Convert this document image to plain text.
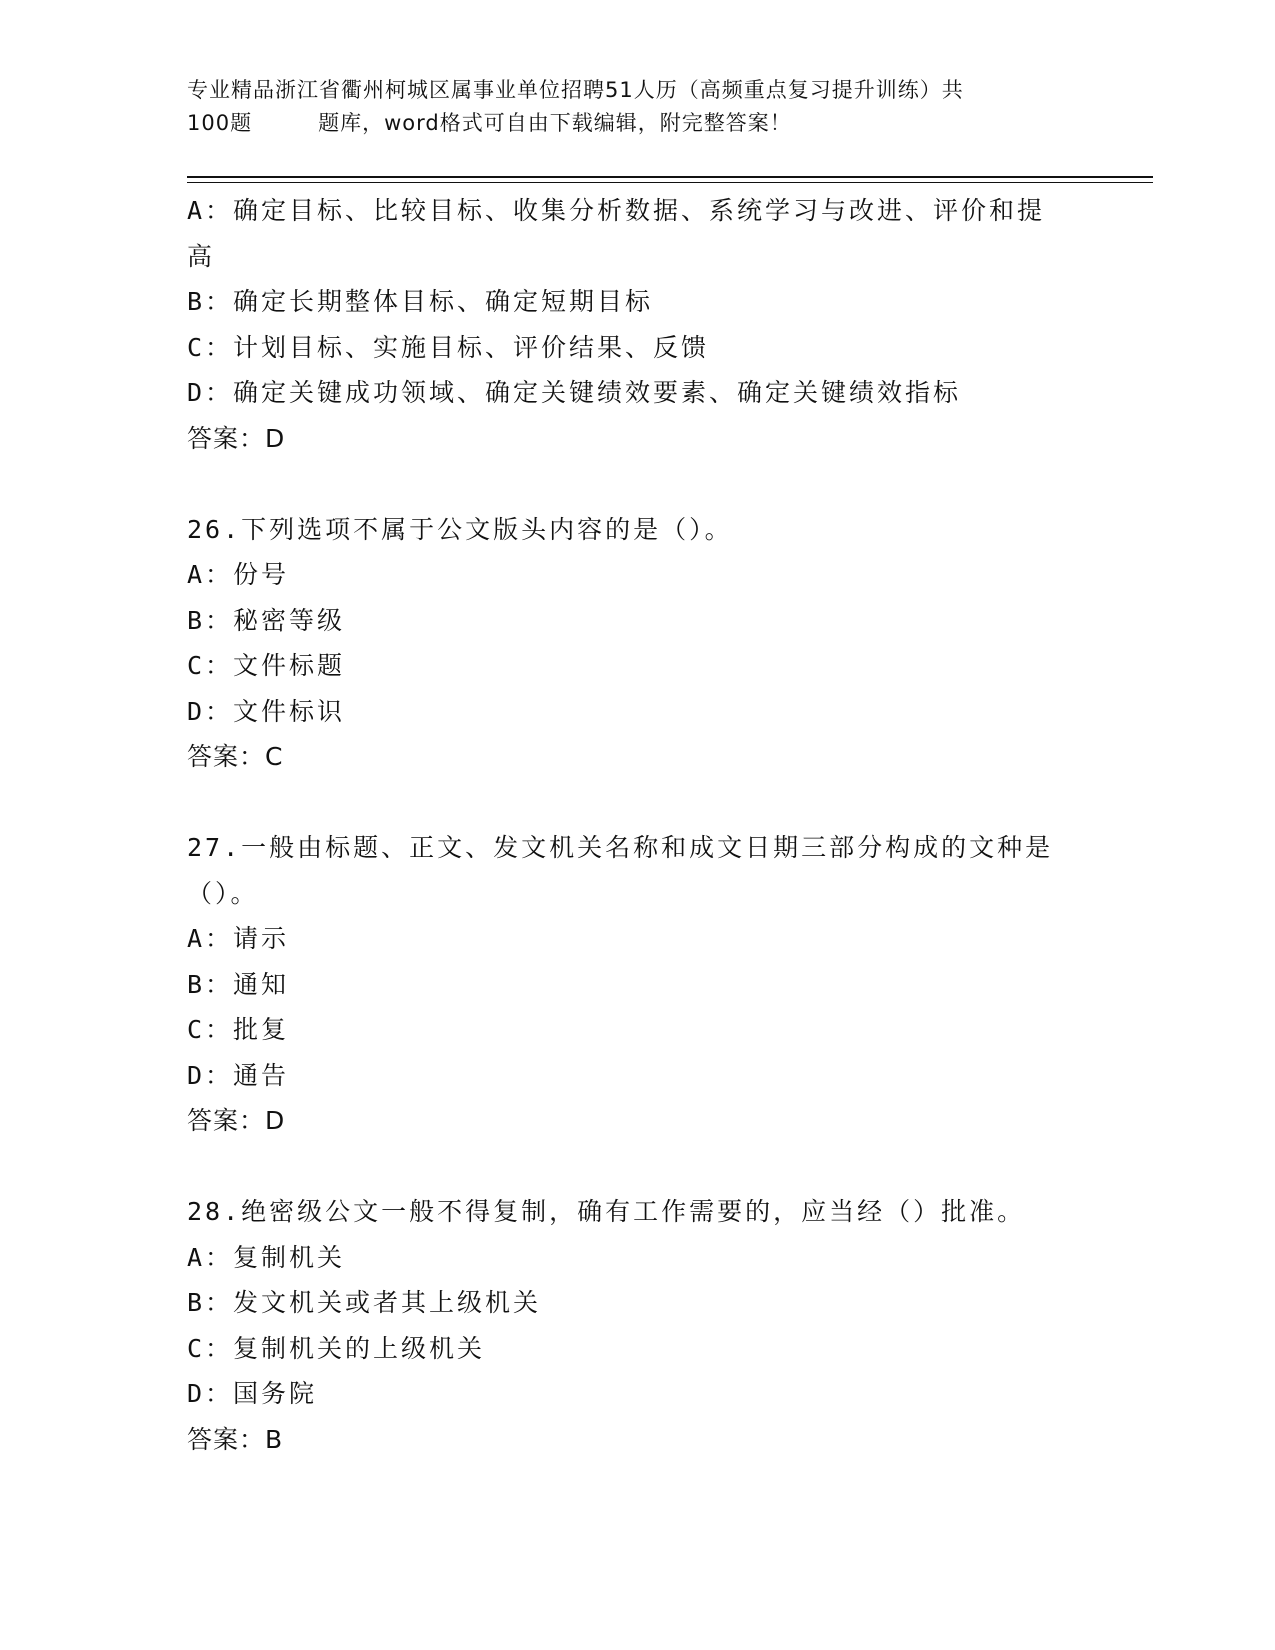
专业精品浙江省衢州柯城区属事业单位招聘51人历（高频重点复习提升训练）共

100题　　　题库，word格式可自由下载编辑，附完整答案！
A：确定目标、比较目标、收集分析数据、系统学习与改进、评价和提
高
B：确定长期整体目标、确定短期目标
C：计划目标、实施目标、评价结果、反馈
D：确定关键成功领域、确定关键绩效要素、确定关键绩效指标
答案：D
26.下列选项不属于公文版头内容的是（）。
A：份号
B：秘密等级
C：文件标题
D：文件标识
答案：C
27.一般由标题、正文、发文机关名称和成文日期三部分构成的文种是
（）。
A：请示
B：通知
C：批复
D：通告
答案：D
28.绝密级公文一般不得复制，确有工作需要的，应当经（）批准。
A：复制机关
B：发文机关或者其上级机关
C：复制机关的上级机关
D：国务院
答案：B
